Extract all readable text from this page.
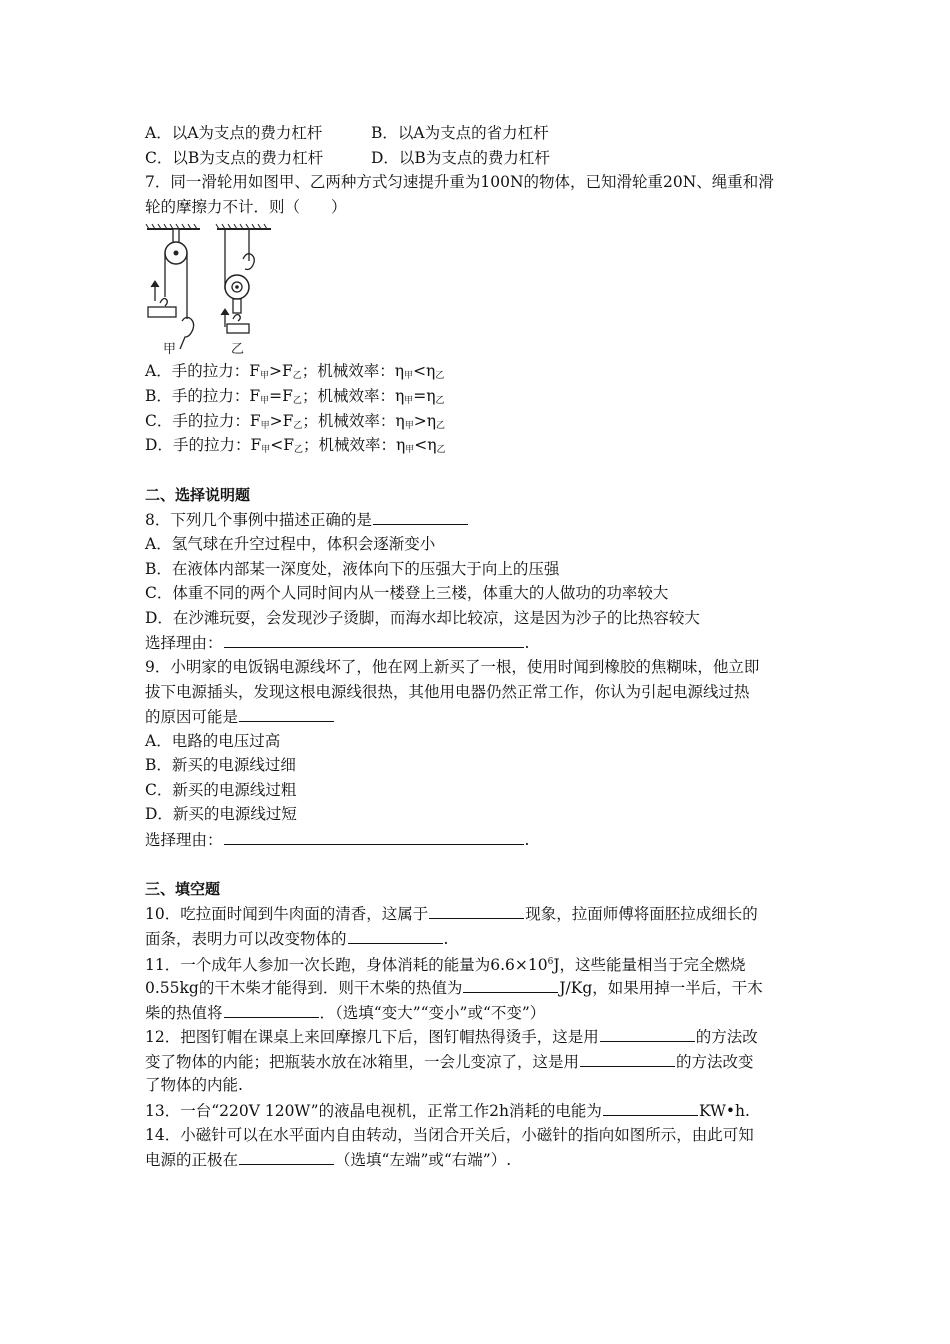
A．以A为支点的费力杠杆	B．以A为支点的省力杠杆
C．以B为支点的费力杠杆	D．以B为支点的费力杠杆
7．同一滑轮用如图甲、乙两种方式匀速提升重为100N的物体，已知滑轮重20N、绳重和滑
轮的摩擦力不计．则（　　）
甲	乙
A．手的拉力：$F_甲>F_乙$；机械效率：$\eta_甲<\eta_乙$
B．手的拉力：$F_甲=F_乙$；机械效率：$\eta_甲=\eta_乙$
C．手的拉力：$F_甲>F_乙$；机械效率：$\eta_甲>\eta_乙$
D．手的拉力：$F_甲<F_乙$；机械效率：$\eta_甲<\eta_乙$
二、选择说明题
8．下列几个事例中描述正确的是
A．氢气球在升空过程中，体积会逐渐变小
B．在液体内部某一深度处，液体向下的压强大于向上的压强
C．体重不同的两个人同时间内从一楼登上三楼，体重大的人做功的功率较大
D．在沙滩玩耍，会发现沙子烫脚，而海水却比较凉，这是因为沙子的比热容较大
选择理由：	.
9．小明家的电饭锅电源线坏了，他在网上新买了一根，使用时闻到橡胶的焦糊味，他立即
拔下电源插头，发现这根电源线很热，其他用电器仍然正常工作，你认为引起电源线过热
的原因可能是
A．电路的电压过高
B．新买的电源线过细
C．新买的电源线过粗
D．新买的电源线过短
选择理由：	.
三、填空题
10．吃拉面时闻到牛肉面的清香，这属于	现象，拉面师傅将面胚拉成细长的
面条，表明力可以改变物体的	.
11．一个成年人参加一次长跑，身体消耗的能量为$6.6\times 10^6J$，这些能量相当于完全燃烧
0.55kg的干木柴才能得到．则干木柴的热值为	J/Kg，如果用掉一半后，干木
柴的热值将	．（选填“变大”“变小”或“不变”）
12．把图钉帽在课桌上来回摩擦几下后，图钉帽热得烫手，这是用	的方法改
变了物体的内能；把瓶装水放在冰箱里，一会儿变凉了，这是用	的方法改变
了物体的内能.
13．一台“220V 120W”的液晶电视机，正常工作2h消耗的电能为	KW•h.
14．小磁针可以在水平面内自由转动，当闭合开关后，小磁针的指向如图所示，由此可知
电源的正极在	（选填“左端”或“右端”）.
